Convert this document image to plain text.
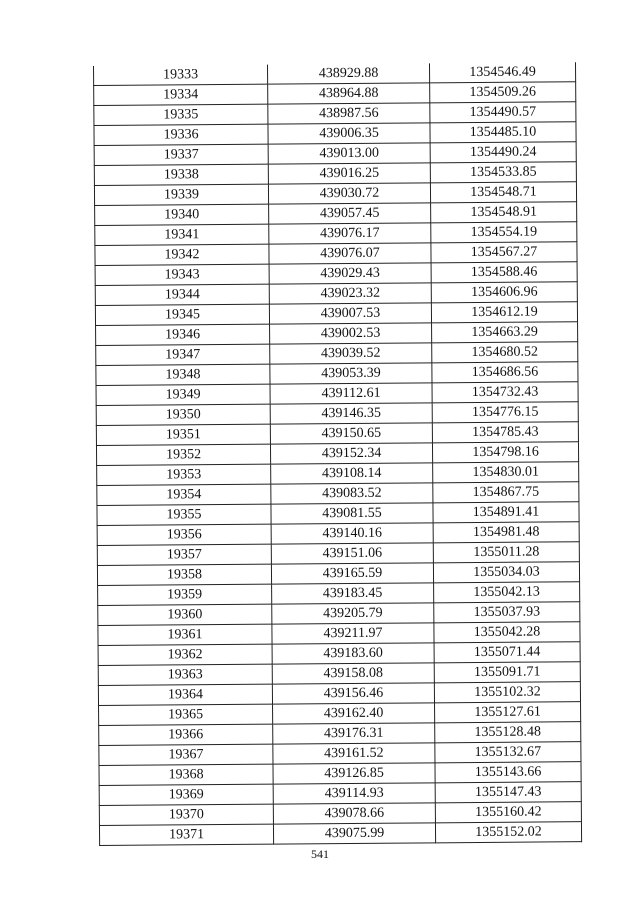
19333	438929.88	1354546.49
19334	438964.88	1354509.26
19335	438987.56	1354490.57
19336	439006.35	1354485.10
19337	439013.00	1354490.24
19338	439016.25	1354533.85
19339	439030.72	1354548.71
19340	439057.45	1354548.91
19341	439076.17	1354554.19
19342	439076.07	1354567.27
19343	439029.43	1354588.46
19344	439023.32	1354606.96
19345	439007.53	1354612.19
19346	439002.53	1354663.29
19347	439039.52	1354680.52
19348	439053.39	1354686.56
19349	439112.61	1354732.43
19350	439146.35	1354776.15
19351	439150.65	1354785.43
19352	439152.34	1354798.16
19353	439108.14	1354830.01
19354	439083.52	1354867.75
19355	439081.55	1354891.41
19356	439140.16	1354981.48
19357	439151.06	1355011.28
19358	439165.59	1355034.03
19359	439183.45	1355042.13
19360	439205.79	1355037.93
19361	439211.97	1355042.28
19362	439183.60	1355071.44
19363	439158.08	1355091.71
19364	439156.46	1355102.32
19365	439162.40	1355127.61
19366	439176.31	1355128.48
19367	439161.52	1355132.67
19368	439126.85	1355143.66
19369	439114.93	1355147.43
19370	439078.66	1355160.42
19371	439075.99	1355152.02
541
